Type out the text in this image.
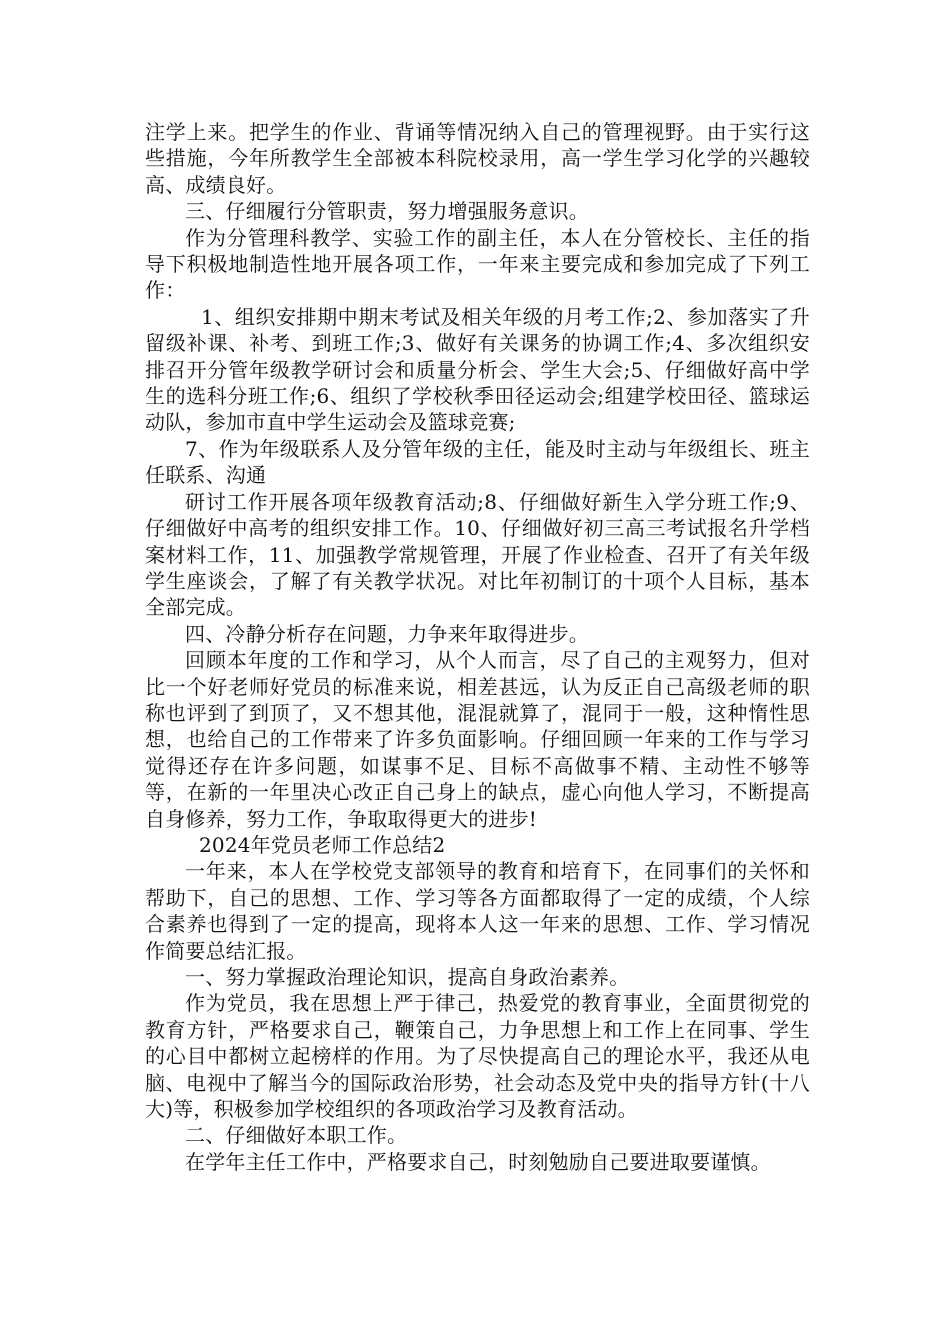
注学上来。把学生的作业、背诵等情况纳入自己的管理视野。由于实行这些措施，今年所教学生全部被本科院校录用，高一学生学习化学的兴趣较高、成绩良好。

三、仔细履行分管职责，努力增强服务意识。

作为分管理科教学、实验工作的副主任，本人在分管校长、主任的指导下积极地制造性地开展各项工作，一年来主要完成和参加完成了下列工作：

1、组织安排期中期末考试及相关年级的月考工作;2、参加落实了升留级补课、补考、到班工作;3、做好有关课务的协调工作;4、多次组织安排召开分管年级教学研讨会和质量分析会、学生大会;5、仔细做好高中学生的选科分班工作;6、组织了学校秋季田径运动会;组建学校田径、篮球运动队，参加市直中学生运动会及篮球竞赛;

7、作为年级联系人及分管年级的主任，能及时主动与年级组长、班主任联系、沟通

研讨工作开展各项年级教育活动;8、仔细做好新生入学分班工作;9、仔细做好中高考的组织安排工作。10、仔细做好初三高三考试报名升学档案材料工作，11、加强教学常规管理，开展了作业检查、召开了有关年级学生座谈会，了解了有关教学状况。对比年初制订的十项个人目标，基本全部完成。

四、冷静分析存在问题，力争来年取得进步。

回顾本年度的工作和学习，从个人而言，尽了自己的主观努力，但对比一个好老师好党员的标准来说，相差甚远，认为反正自己高级老师的职称也评到了到顶了，又不想其他，混混就算了，混同于一般，这种惰性思想，也给自己的工作带来了许多负面影响。仔细回顾一年来的工作与学习觉得还存在许多问题，如谋事不足、目标不高做事不精、主动性不够等等，在新的一年里决心改正自己身上的缺点，虚心向他人学习，不断提高自身修养，努力工作，争取取得更大的进步!

2024年党员老师工作总结2

一年来，本人在学校党支部领导的教育和培育下，在同事们的关怀和帮助下，自己的思想、工作、学习等各方面都取得了一定的成绩，个人综合素养也得到了一定的提高，现将本人这一年来的思想、工作、学习情况作简要总结汇报。

一、努力掌握政治理论知识，提高自身政治素养。

作为党员，我在思想上严于律己，热爱党的教育事业，全面贯彻党的教育方针，严格要求自己，鞭策自己，力争思想上和工作上在同事、学生的心目中都树立起榜样的作用。为了尽快提高自己的理论水平，我还从电脑、电视中了解当今的国际政治形势，社会动态及党中央的指导方针(十八大)等，积极参加学校组织的各项政治学习及教育活动。

二、仔细做好本职工作。

在学年主任工作中，严格要求自己，时刻勉励自己要进取要谨慎。
